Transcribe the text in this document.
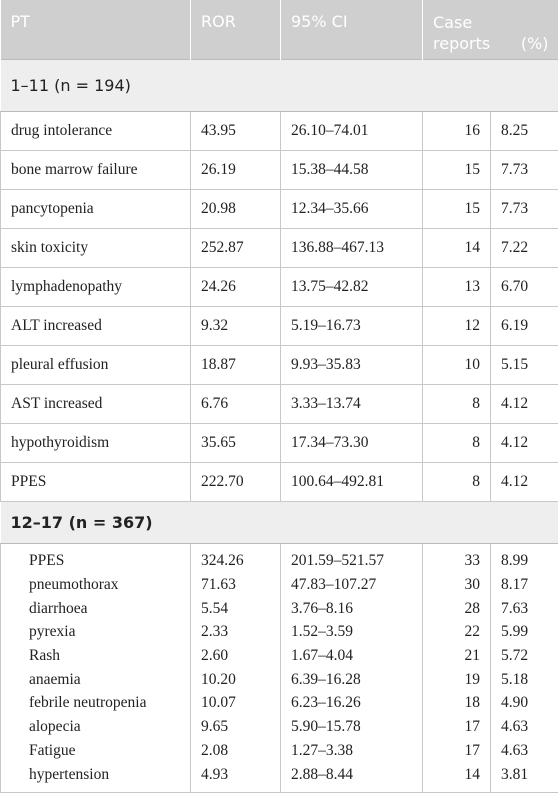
PT	ROR	95% CI	Case
reports (%)	

1–11 (n = 194)				
drug intolerance	43.95	26.10–74.01	16	8.25
bone marrow failure	26.19	15.38–44.58	15	7.73
pancytopenia	20.98	12.34–35.66	15	7.73
skin toxicity	252.87	136.88–467.13	14	7.22
lymphadenopathy	24.26	13.75–42.82	13	6.70
ALT increased	9.32	5.19–16.73	12	6.19
pleural effusion	18.87	9.93–35.83	10	5.15
AST increased	6.76	3.33–13.74	8	4.12
hypothyroidism	35.65	17.34–73.30	8	4.12
PPES	222.70	100.64–492.81	8	4.12
12–17 (n = 367)				
PPES	324.26	201.59–521.57	33	8.99
pneumothorax	71.63	47.83–107.27	30	8.17
diarrhoea	5.54	3.76–8.16	28	7.63
pyrexia	2.33	1.52–3.59	22	5.99
Rash	2.60	1.67–4.04	21	5.72
anaemia	10.20	6.39–16.28	19	5.18
febrile neutropenia	10.07	6.23–16.26	18	4.90
alopecia	9.65	5.90–15.78	17	4.63
Fatigue	2.08	1.27–3.38	17	4.63
hypertension	4.93	2.88–8.44	14	3.81
